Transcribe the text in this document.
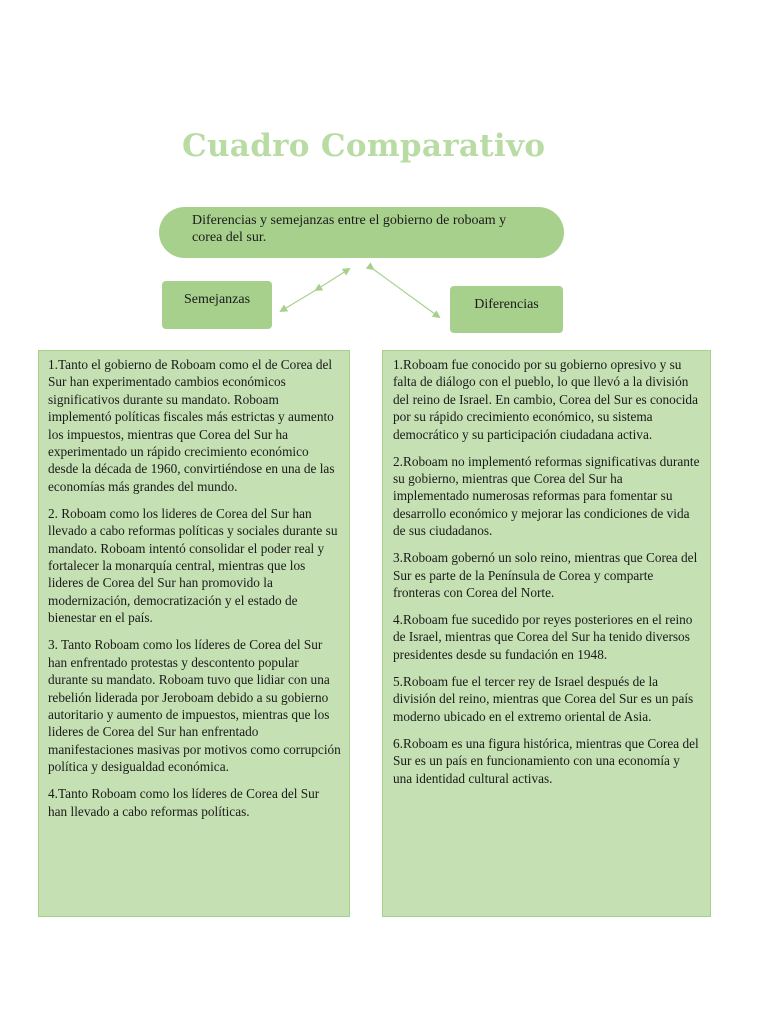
Cuadro Comparativo
Diferencias y semejanzas entre el gobierno de roboam y corea del sur.
Semejanzas	Diferencias

1.Tanto el gobierno de Roboam como el de Corea del Sur han experimentado cambios económicos significativos durante su mandato. Roboam implementó políticas fiscales más estrictas y aumento los impuestos, mientras que Corea del Sur ha experimentado un rápido crecimiento económico desde la década de 1960, convirtiéndose en una de las economías más grandes del mundo.

2. Roboam como los lideres de Corea del Sur han llevado a cabo reformas políticas y sociales durante su mandato. Roboam intentó consolidar el poder real y fortalecer la monarquía central, mientras que los lideres de Corea del Sur han promovido la modernización, democratización y el estado de bienestar en el país.

3. Tanto Roboam como los líderes de Corea del Sur han enfrentado protestas y descontento popular durante su mandato. Roboam tuvo que lidiar con una rebelión liderada por Jeroboam debido a su gobierno autoritario y aumento de impuestos, mientras que los lideres de Corea del Sur han enfrentado manifestaciones masivas por motivos como corrupción política y desigualdad económica.

4.Tanto Roboam como los líderes de Corea del Sur han llevado a cabo reformas políticas.

1.Roboam fue conocido por su gobierno opresivo y su falta de diálogo con el pueblo, lo que llevó a la división del reino de Israel. En cambio, Corea del Sur es conocida por su rápido crecimiento económico, su sistema democrático y su participación ciudadana activa.

2.Roboam no implementó reformas significativas durante su gobierno, mientras que Corea del Sur ha implementado numerosas reformas para fomentar su desarrollo económico y mejorar las condiciones de vida de sus ciudadanos.

3.Roboam gobernó un solo reino, mientras que Corea del Sur es parte de la Península de Corea y comparte fronteras con Corea del Norte.

4.Roboam fue sucedido por reyes posteriores en el reino de Israel, mientras que Corea del Sur ha tenido diversos presidentes desde su fundación en 1948.

5.Roboam fue el tercer rey de Israel después de la división del reino, mientras que Corea del Sur es un país moderno ubicado en el extremo oriental de Asia.

6.Roboam es una figura histórica, mientras que Corea del Sur es un país en funcionamiento con una economía y una identidad cultural activas.
